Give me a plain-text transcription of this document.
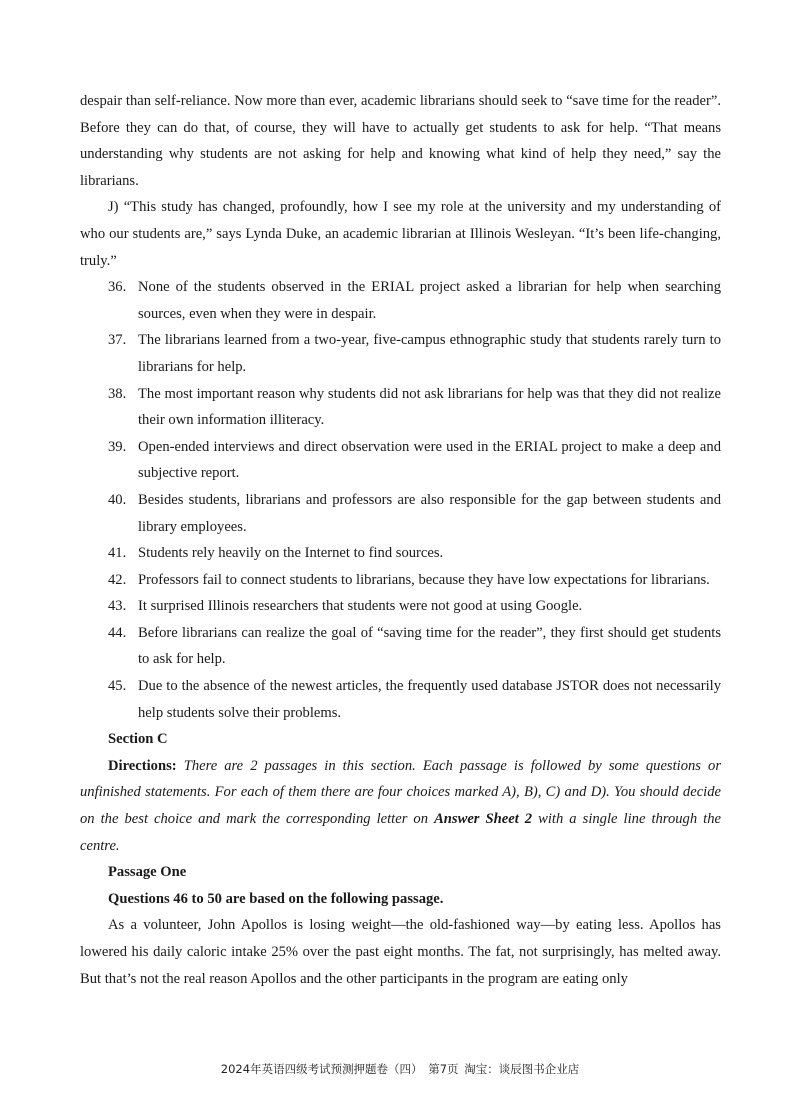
despair than self-reliance. Now more than ever, academic librarians should seek to “save time for the reader”. Before they can do that, of course, they will have to actually get students to ask for help. “That means understanding why students are not asking for help and knowing what kind of help they need,” say the librarians.

J) “This study has changed, profoundly, how I see my role at the university and my understanding of who our students are,” says Lynda Duke, an academic librarian at Illinois Wesleyan. “It’s been life-changing, truly.”

36. None of the students observed in the ERIAL project asked a librarian for help when searching sources, even when they were in despair.
37. The librarians learned from a two-year, five-campus ethnographic study that students rarely turn to librarians for help.
38. The most important reason why students did not ask librarians for help was that they did not realize their own information illiteracy.
39. Open-ended interviews and direct observation were used in the ERIAL project to make a deep and subjective report.
40. Besides students, librarians and professors are also responsible for the gap between students and library employees.
41. Students rely heavily on the Internet to find sources.
42. Professors fail to connect students to librarians, because they have low expectations for librarians.
43. It surprised Illinois researchers that students were not good at using Google.
44. Before librarians can realize the goal of “saving time for the reader”, they first should get students to ask for help.
45. Due to the absence of the newest articles, the frequently used database JSTOR does not necessarily help students solve their problems.
Section C

Directions: There are 2 passages in this section. Each passage is followed by some questions or unfinished statements. For each of them there are four choices marked A), B), C) and D). You should decide on the best choice and mark the corresponding letter on Answer Sheet 2 with a single line through the centre.

Passage One
Questions 46 to 50 are based on the following passage.

As a volunteer, John Apollos is losing weight—the old-fashioned way—by eating less. Apollos has lowered his daily caloric intake 25% over the past eight months. The fat, not surprisingly, has melted away. But that’s not the real reason Apollos and the other participants in the program are eating only

2024年英语四级考试预测押题卷（四） 第7页 淘宝：谈辰图书企业店
